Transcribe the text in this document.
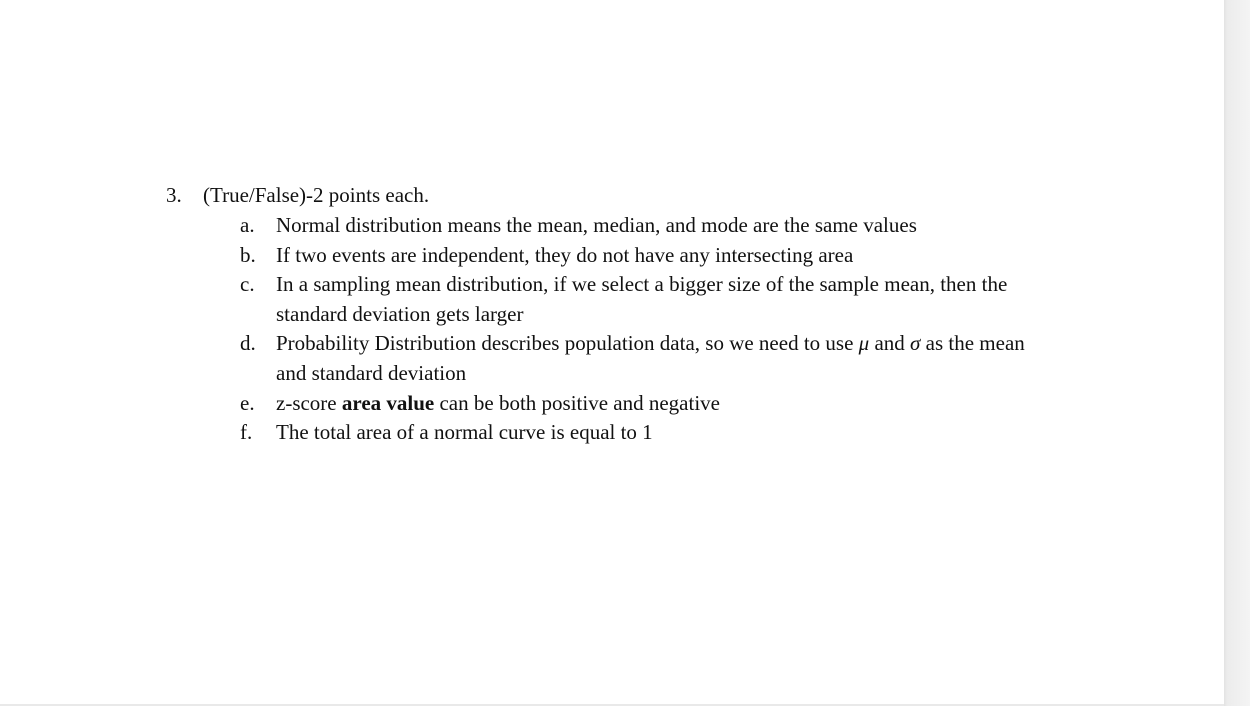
3. (True/False)-2 points each.
a. Normal distribution means the mean, median, and mode are the same values
b. If two events are independent, they do not have any intersecting area
c. In a sampling mean distribution, if we select a bigger size of the sample mean, then the
standard deviation gets larger
d. Probability Distribution describes population data, so we need to use μ and σ as the mean
and standard deviation
e. z-score area value can be both positive and negative
f. The total area of a normal curve is equal to 1
